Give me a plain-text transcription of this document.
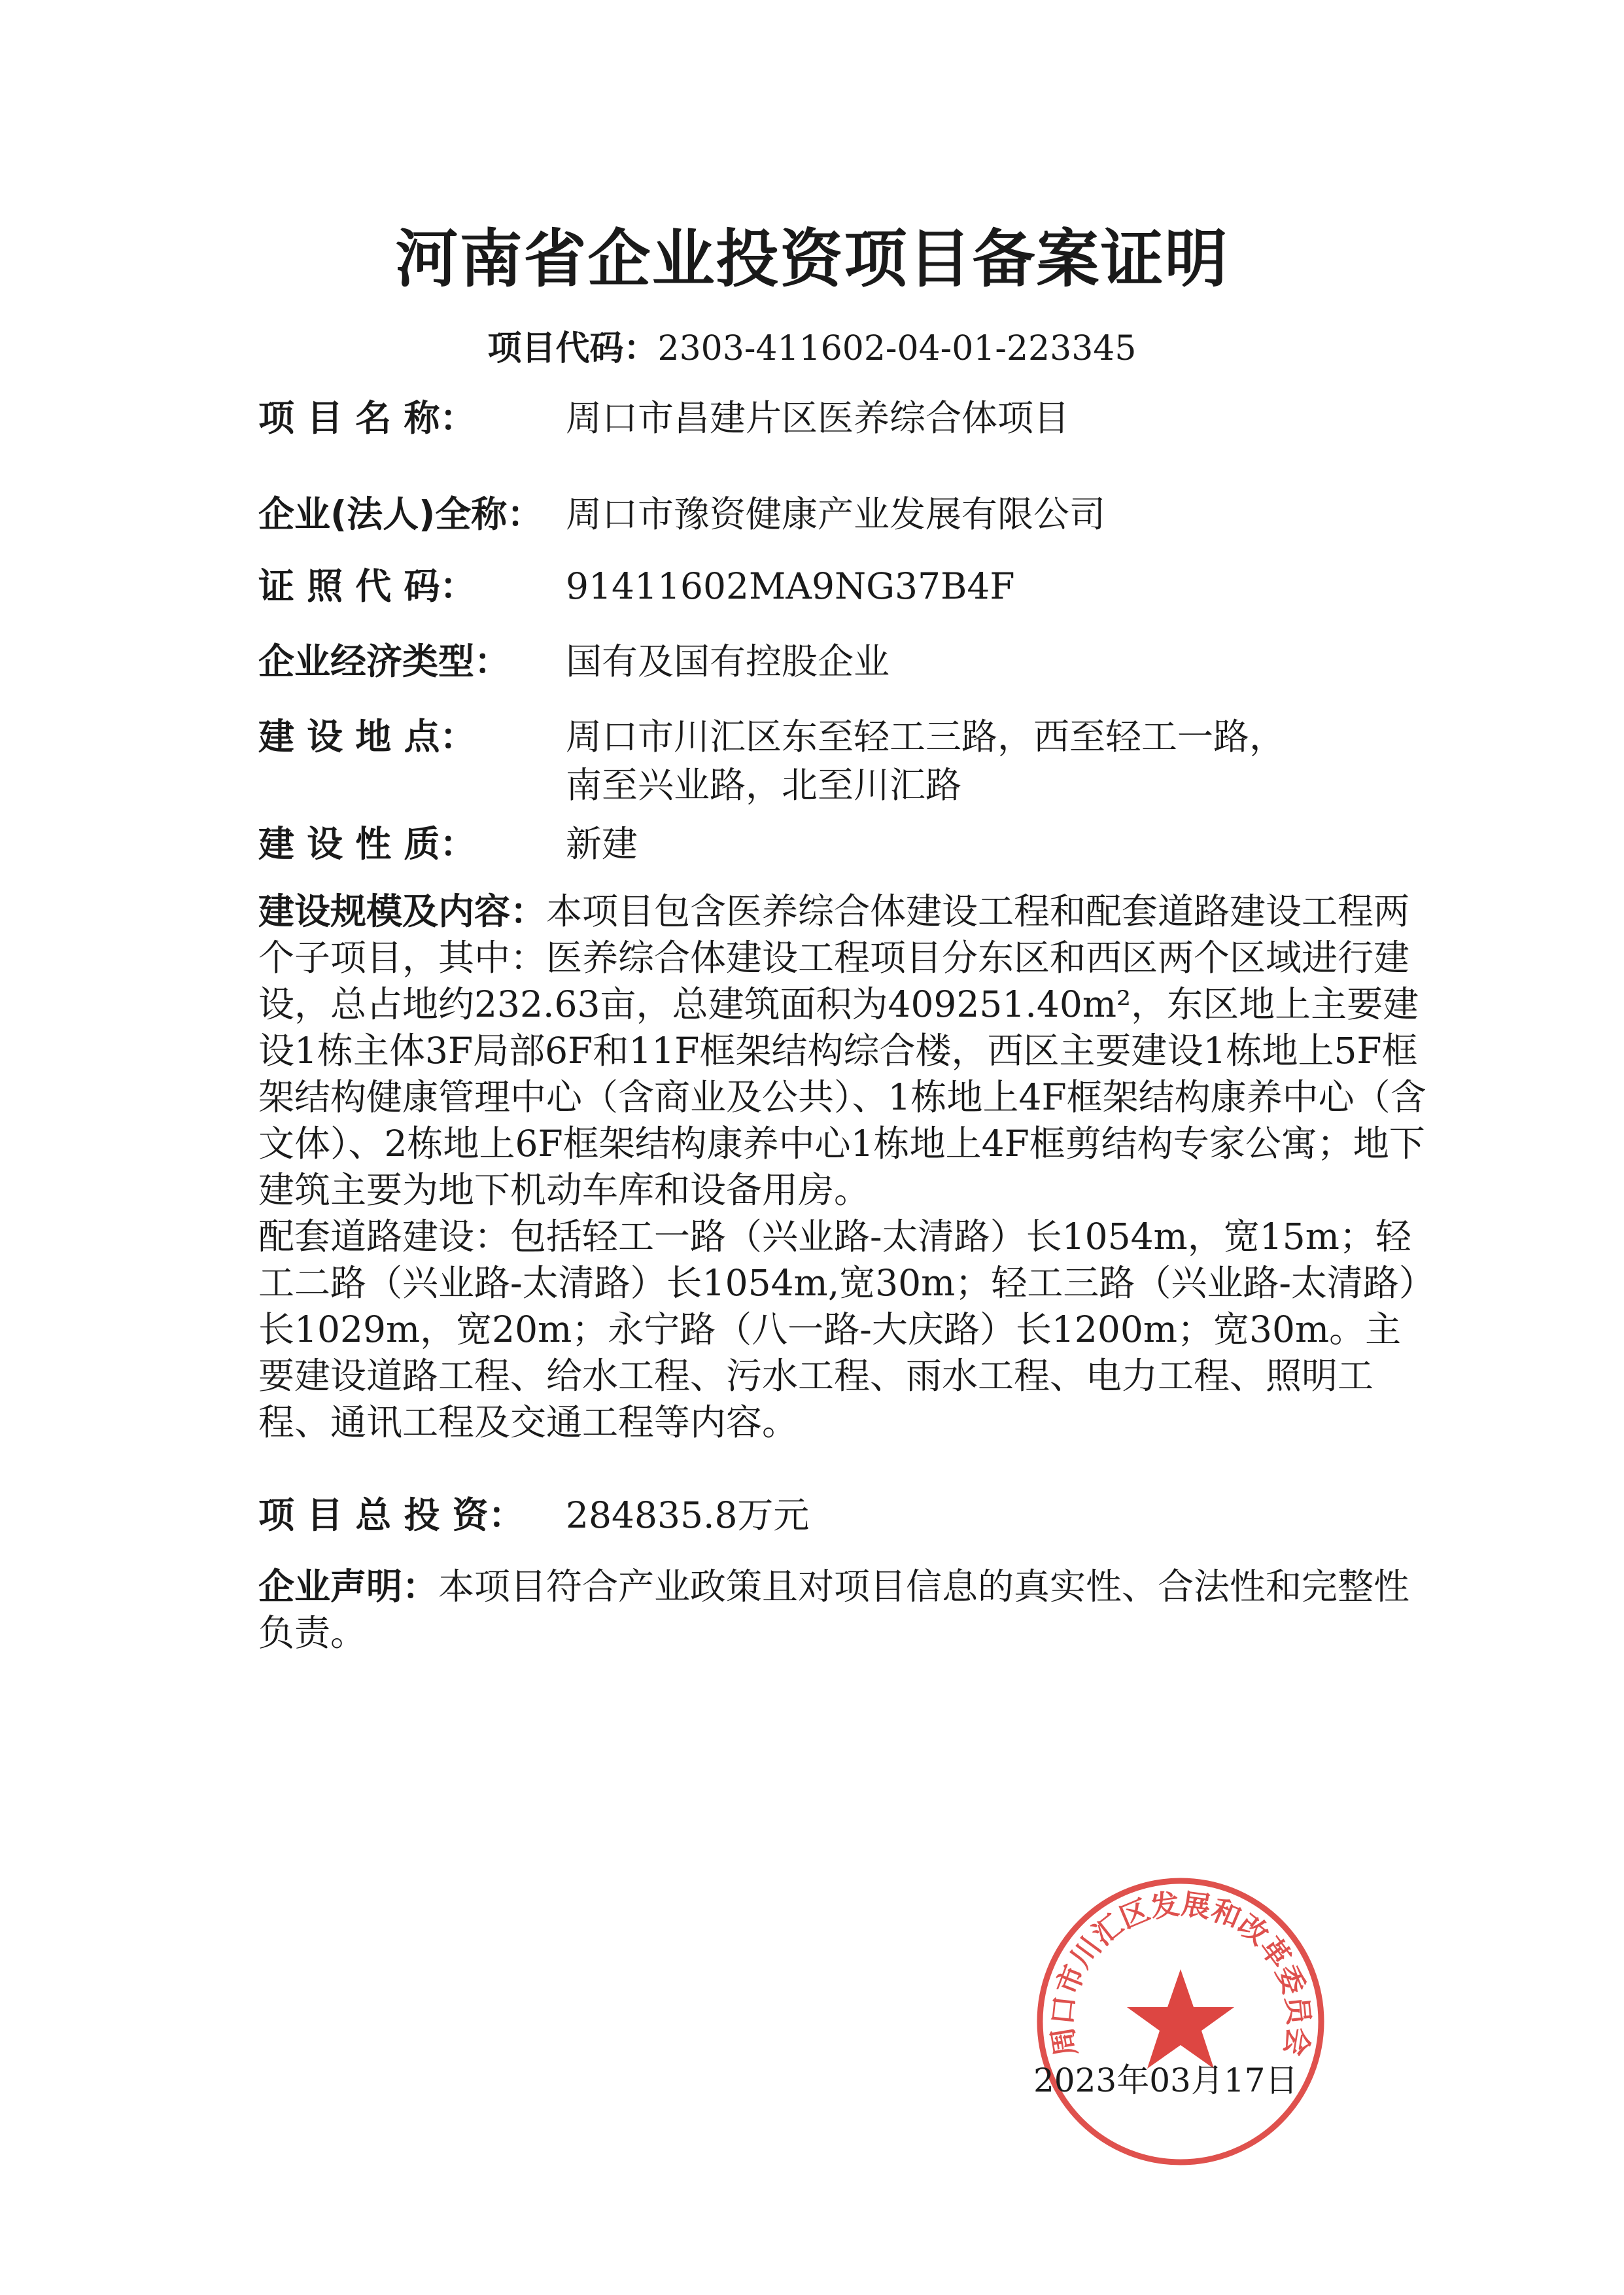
河南省企业投资项目备案证明
项目代码：2303-411602-04-01-223345
项 目 名 称：	周口市昌建片区医养综合体项目
企业(法人)全称： 周口市豫资健康产业发展有限公司
证 照 代 码：	91411602MA9NG37B4F
企业经济类型： 国有及国有控股企业
建 设 地 点：	周口市川汇区东至轻工三路，西至轻工一路，
南至兴业路，北至川汇路
建 设 性 质：	新建

建设规模及内容：本项目包含医养综合体建设工程和配套道路建设工程两个子项目，其中：医养综合体建设工程项目分东区和西区两个区域进行建设，总占地约232.63亩，总建筑面积为409251.40m²，东区地上主要建设1栋主体3F局部6F和11F框架结构综合楼，西区主要建设1栋地上5F框架结构健康管理中心（含商业及公共）、1栋地上4F框架结构康养中心（含文体）、2栋地上6F框架结构康养中心1栋地上4F框剪结构专家公寓；地下建筑主要为地下机动车库和设备用房。

配套道路建设：包括轻工一路（兴业路-太清路）长1054m，宽15m；轻工二路（兴业路-太清路）长1054m,宽30m；轻工三路（兴业路-太清路）长1029m，宽20m；永宁路（八一路-大庆路）长1200m；宽30m。主要建设道路工程、给水工程、污水工程、雨水工程、电力工程、照明工程、通讯工程及交通工程等内容。

项 目 总 投 资： 284835.8万元

企业声明：本项目符合产业政策且对项目信息的真实性、合法性和完整性负责。

周口市川汇区发展和改革委员会
2023年03月17日
